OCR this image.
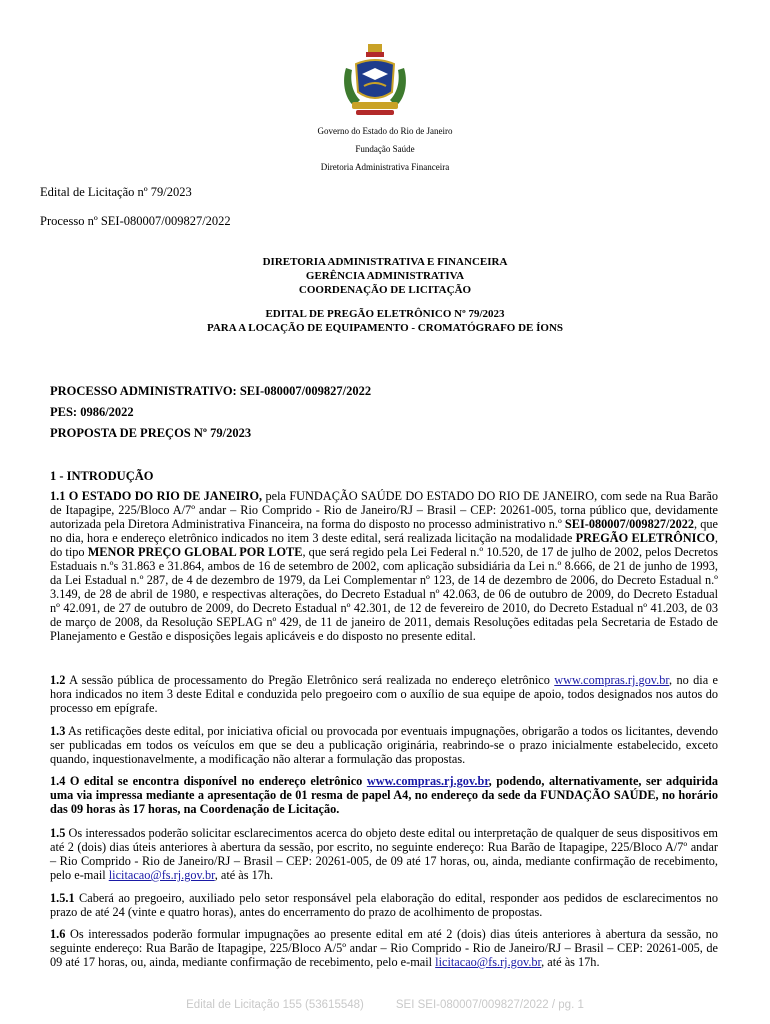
Governo do Estado do Rio de Janeiro
Fundação Saúde
Diretoria Administrativa Financeira
Edital de Licitação nº 79/2023
Processo nº SEI-080007/009827/2022
DIRETORIA ADMINISTRATIVA E FINANCEIRA
GERÊNCIA ADMINISTRATIVA
COORDENAÇÃO DE LICITAÇÃO
EDITAL DE PREGÃO ELETRÔNICO Nº 79/2023
PARA A LOCAÇÃO DE EQUIPAMENTO - CROMATÓGRAFO DE ÍONS
PROCESSO ADMINISTRATIVO: SEI-080007/009827/2022
PES: 0986/2022
PROPOSTA DE PREÇOS Nº 79/2023
1 - INTRODUÇÃO
1.1 O ESTADO DO RIO DE JANEIRO, pela FUNDAÇÃO SAÚDE DO ESTADO DO RIO DE JANEIRO, com sede na Rua Barão de Itapagipe, 225/Bloco A/7º andar – Rio Comprido - Rio de Janeiro/RJ – Brasil – CEP: 20261-005, torna público que, devidamente autorizada pela Diretora Administrativa Financeira, na forma do disposto no processo administrativo n.º SEI-080007/009827/2022, que no dia, hora e endereço eletrônico indicados no item 3 deste edital, será realizada licitação na modalidade PREGÃO ELETRÔNICO, do tipo MENOR PREÇO GLOBAL POR LOTE, que será regido pela Lei Federal n.º 10.520, de 17 de julho de 2002, pelos Decretos Estaduais n.ºs 31.863 e 31.864, ambos de 16 de setembro de 2002, com aplicação subsidiária da Lei n.º 8.666, de 21 de junho de 1993, da Lei Estadual n.º 287, de 4 de dezembro de 1979, da Lei Complementar nº 123, de 14 de dezembro de 2006, do Decreto Estadual n.º 3.149, de 28 de abril de 1980, e respectivas alterações, do Decreto Estadual nº 42.063, de 06 de outubro de 2009, do Decreto Estadual nº 42.091, de 27 de outubro de 2009, do Decreto Estadual nº 42.301, de 12 de fevereiro de 2010, do Decreto Estadual nº 41.203, de 03 de março de 2008, da Resolução SEPLAG nº 429, de 11 de janeiro de 2011, demais Resoluções editadas pela Secretaria de Estado de Planejamento e Gestão e disposições legais aplicáveis e do disposto no presente edital.
1.2 A sessão pública de processamento do Pregão Eletrônico será realizada no endereço eletrônico www.compras.rj.gov.br, no dia e hora indicados no item 3 deste Edital e conduzida pelo pregoeiro com o auxílio de sua equipe de apoio, todos designados nos autos do processo em epígrafe.
1.3 As retificações deste edital, por iniciativa oficial ou provocada por eventuais impugnações, obrigarão a todos os licitantes, devendo ser publicadas em todos os veículos em que se deu a publicação originária, reabrindo-se o prazo inicialmente estabelecido, exceto quando, inquestionavelmente, a modificação não alterar a formulação das propostas.
1.4 O edital se encontra disponível no endereço eletrônico www.compras.rj.gov.br, podendo, alternativamente, ser adquirida uma via impressa mediante a apresentação de 01 resma de papel A4, no endereço da sede da FUNDAÇÃO SAÚDE, no horário das 09 horas às 17 horas, na Coordenação de Licitação.
1.5 Os interessados poderão solicitar esclarecimentos acerca do objeto deste edital ou interpretação de qualquer de seus dispositivos em até 2 (dois) dias úteis anteriores à abertura da sessão, por escrito, no seguinte endereço: Rua Barão de Itapagipe, 225/Bloco A/7º andar – Rio Comprido - Rio de Janeiro/RJ – Brasil – CEP: 20261-005, de 09 até 17 horas, ou, ainda, mediante confirmação de recebimento, pelo e-mail licitacao@fs.rj.gov.br, até às 17h.
1.5.1 Caberá ao pregoeiro, auxiliado pelo setor responsável pela elaboração do edital, responder aos pedidos de esclarecimentos no prazo de até 24 (vinte e quatro horas), antes do encerramento do prazo de acolhimento de propostas.
1.6 Os interessados poderão formular impugnações ao presente edital em até 2 (dois) dias úteis anteriores à abertura da sessão, no seguinte endereço: Rua Barão de Itapagipe, 225/Bloco A/5º andar – Rio Comprido - Rio de Janeiro/RJ – Brasil – CEP: 20261-005, de 09 até 17 horas, ou, ainda, mediante confirmação de recebimento, pelo e-mail licitacao@fs.rj.gov.br, até às 17h.
Edital de Licitação 155 (53615548)	SEI SEI-080007/009827/2022 / pg. 1
